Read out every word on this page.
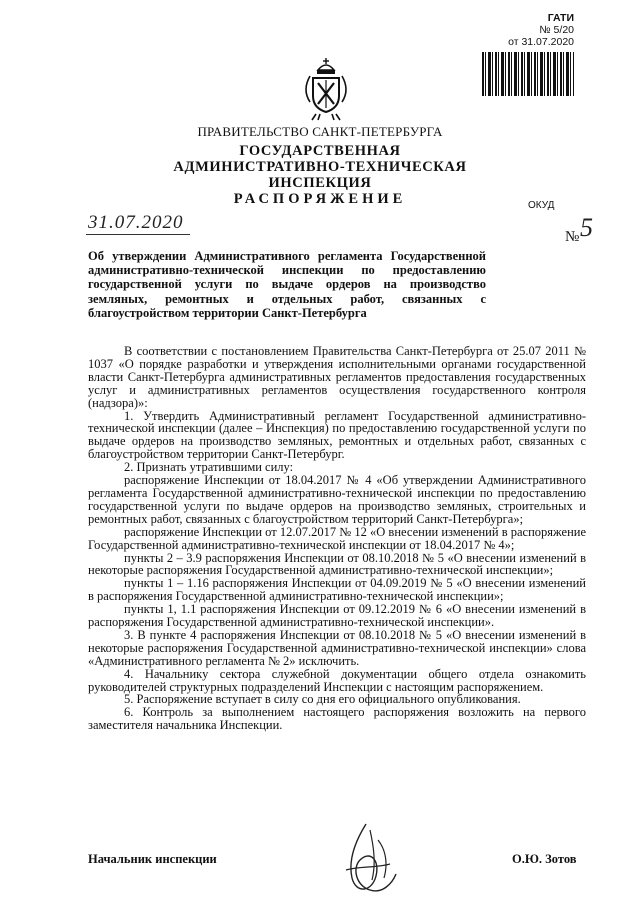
ГАТИ
№ 5/20
от 31.07.2020
ПРАВИТЕЛЬСТВО САНКТ-ПЕТЕРБУРГА
ГОСУДАРСТВЕННАЯ
АДМИНИСТРАТИВНО-ТЕХНИЧЕСКАЯ
ИНСПЕКЦИЯ
РАСПОРЯЖЕНИЕ	ОКУД
31.07.2020
№ 5
Об утверждении Административного регламента Государственной административно-технической инспекции по предоставлению государственной услуги по выдаче ордеров на производство земляных, ремонтных и отдельных работ, связанных с благоустройством территории Санкт-Петербурга

В соответствии с постановлением Правительства Санкт-Петербурга от 25.07 2011 № 1037 «О порядке разработки и утверждения исполнительными органами государственной власти Санкт-Петербурга административных регламентов предоставления государственных услуг и административных регламентов осуществления государственного контроля (надзора)»:

1. Утвердить Административный регламент Государственной административно-технической инспекции (далее – Инспекция) по предоставлению государственной услуги по выдаче ордеров на производство земляных, ремонтных и отдельных работ, связанных с благоустройством территории Санкт-Петербург.

2. Признать утратившими силу:

распоряжение Инспекции от 18.04.2017 № 4 «Об утверждении Административного регламента Государственной административно-технической инспекции по предоставлению государственной услуги по выдаче ордеров на производство земляных, строительных и ремонтных работ, связанных с благоустройством территорий Санкт-Петербурга»;

распоряжение Инспекции от 12.07.2017 № 12 «О внесении изменений в распоряжение Государственной административно-технической инспекции от 18.04.2017 № 4»;

пункты 2 – 3.9 распоряжения Инспекции от 08.10.2018 № 5 «О внесении изменений в некоторые распоряжения Государственной административно-технической инспекции»;

пункты 1 – 1.16 распоряжения Инспекции от 04.09.2019 № 5 «О внесении изменений в распоряжения Государственной административно-технической инспекции»;

пункты 1, 1.1 распоряжения Инспекции от 09.12.2019 № 6 «О внесении изменений в распоряжения Государственной административно-технической инспекции».

3. В пункте 4 распоряжения Инспекции от 08.10.2018 № 5 «О внесении изменений в некоторые распоряжения Государственной административно-технической инспекции» слова «Административного регламента № 2» исключить.

4. Начальнику сектора служебной документации общего отдела ознакомить руководителей структурных подразделений Инспекции с настоящим распоряжением.

5. Распоряжение вступает в силу со дня его официального опубликования.

6. Контроль за выполнением настоящего распоряжения возложить на первого заместителя начальника Инспекции.

Начальник инспекции	О.Ю. Зотов
